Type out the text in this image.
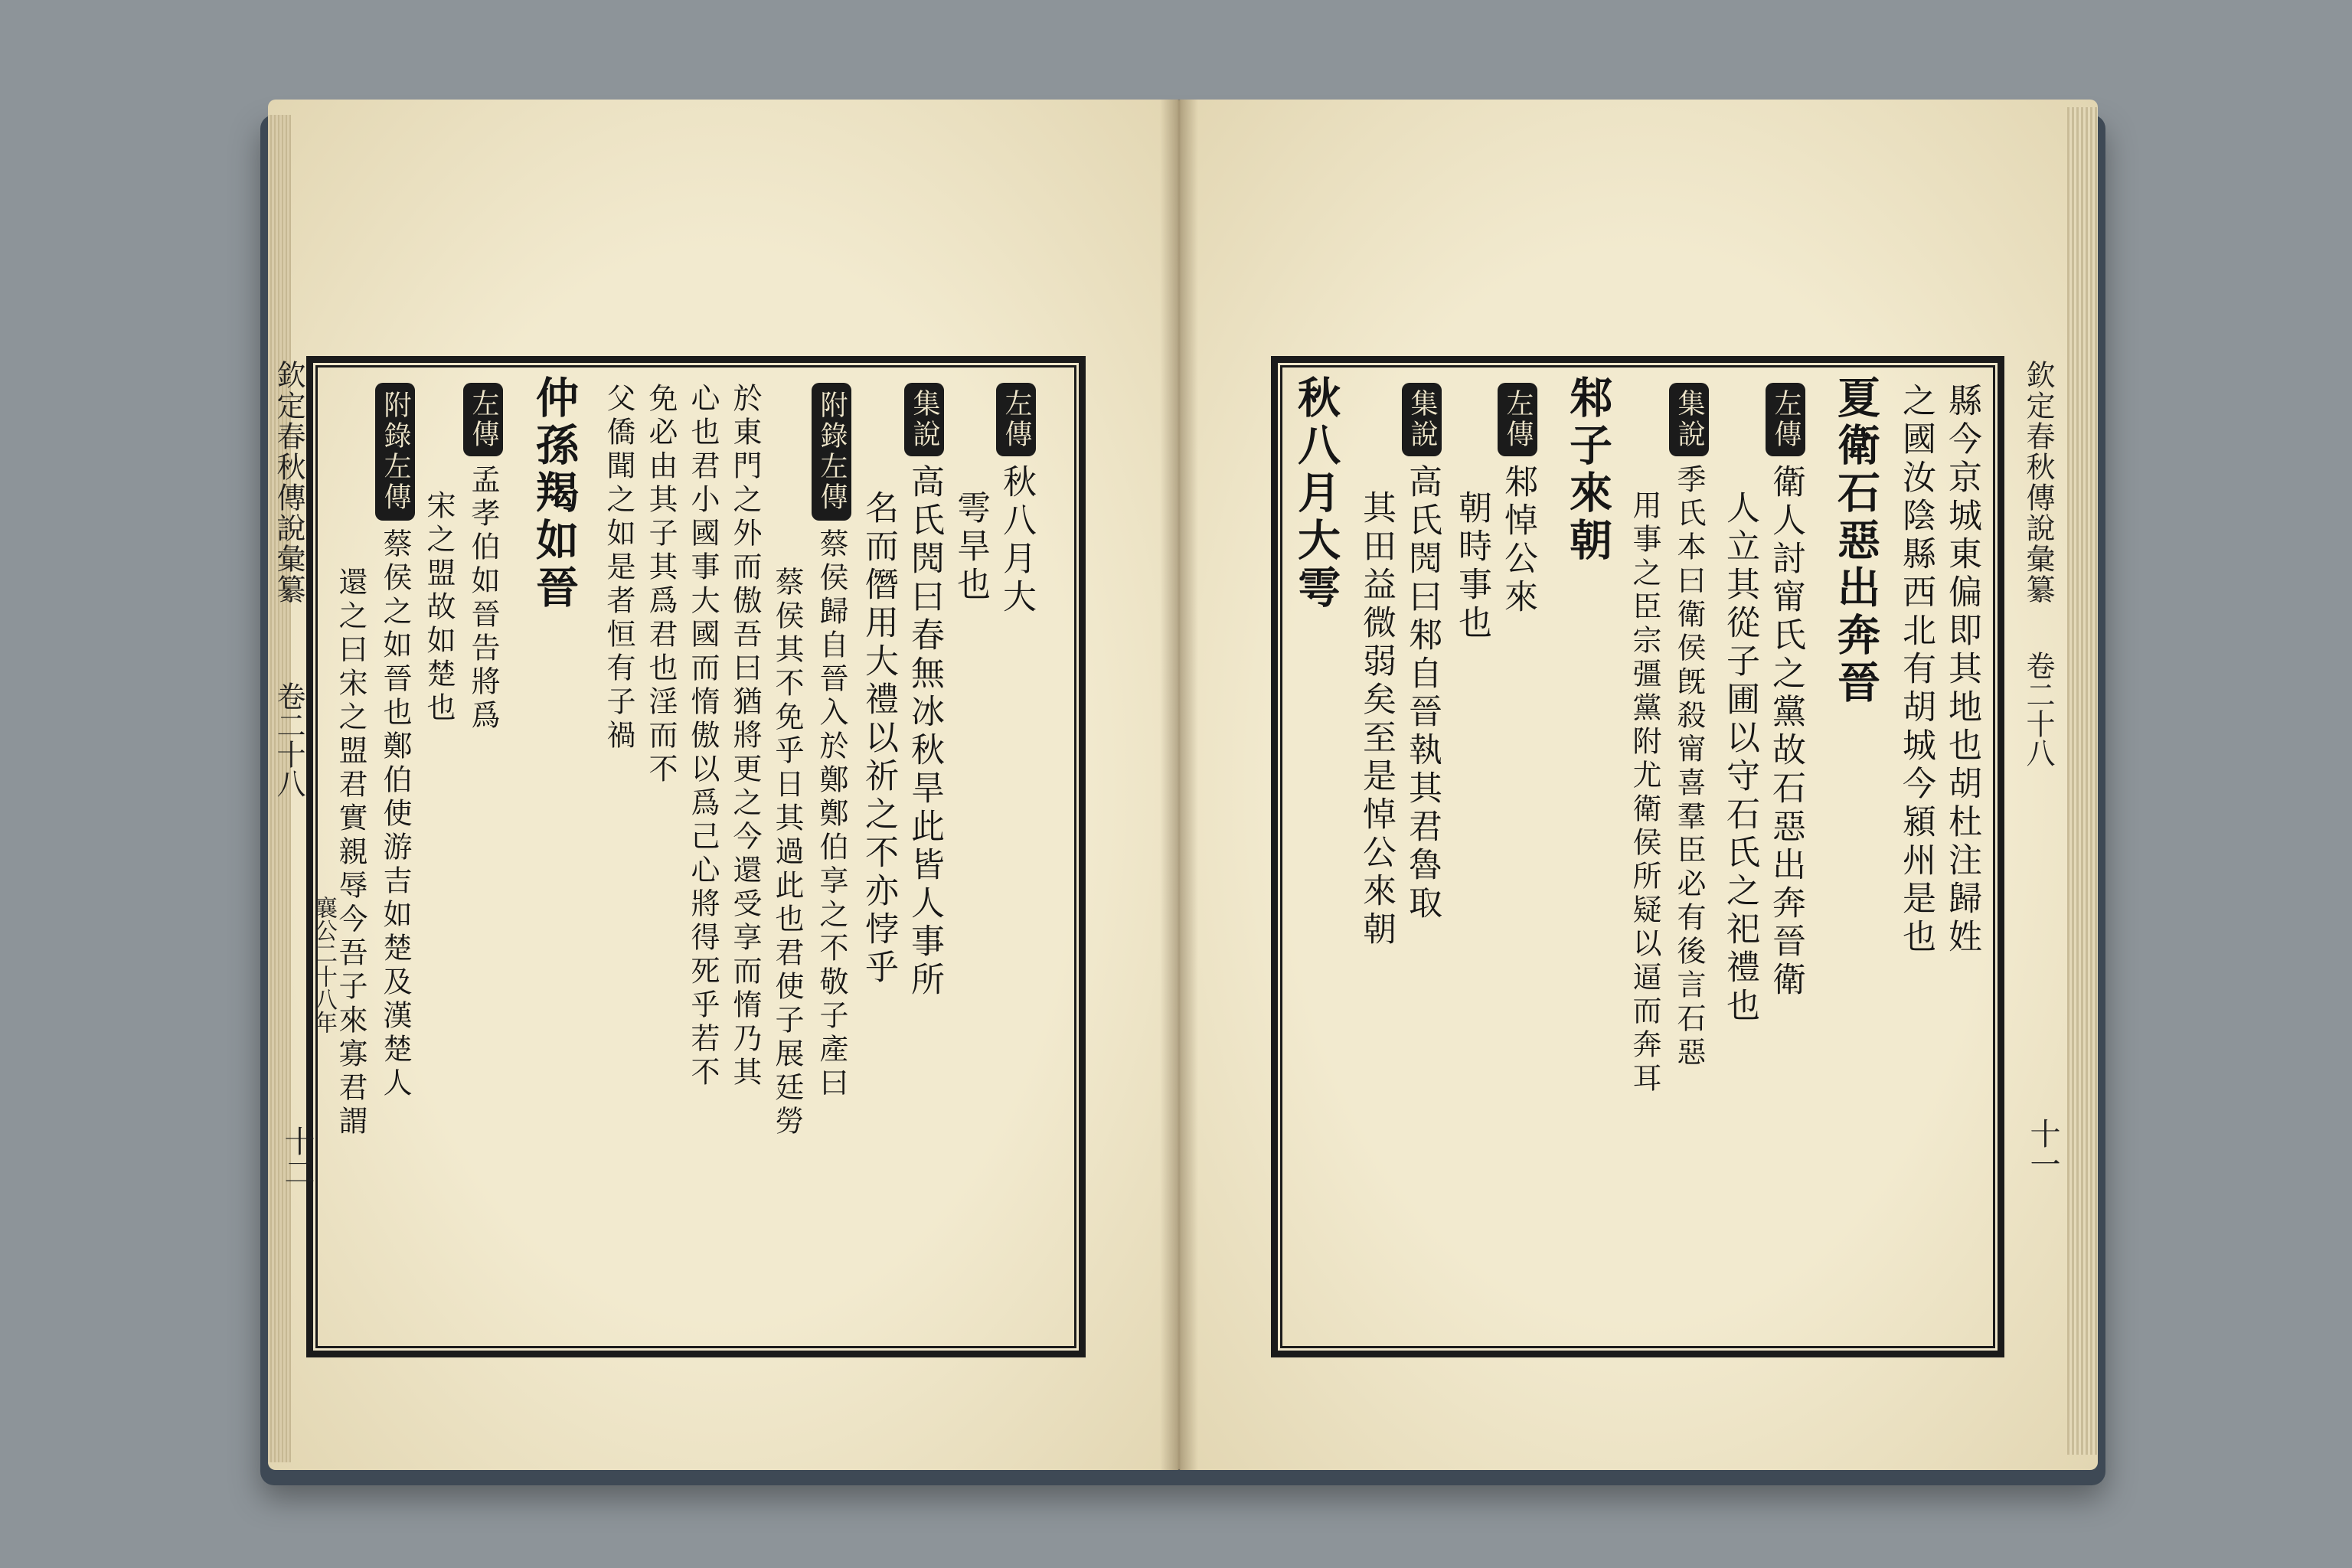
欽定春秋傳說彙纂
卷二十八
襄公二十八年
十二
欽定春秋傳說彙纂
卷二十八
十一
縣今京城東偏即其地也胡杜注歸姓
之國汝陰縣西北有胡城今潁州是也
夏衛石惡出奔晉
左傳衛人討甯氏之黨故石惡出奔晉衛
人立其從子圃以守石氏之祀禮也
集說季氏本曰衛侯旣殺甯喜羣臣必有後言石惡
用事之臣宗彊黨附尤衛侯所疑以逼而奔耳
邾子來朝
左傳邾悼公來
朝時事也
集說高氏閌曰邾自晉執其君魯取
其田益微弱矣至是悼公來朝
秋八月大雩
左傳秋八月大
雩旱也
集說高氏閌曰春無冰秋旱此皆人事所
名而僭用大禮以祈之不亦悖乎
附錄左傳蔡侯歸自晉入於鄭鄭伯享之不敬子產曰
蔡侯其不免乎日其過此也君使子展廷勞
於東門之外而傲吾曰猶將更之今還受享而惰乃其
心也君小國事大國而惰傲以爲己心將得死乎若不
免必由其子其爲君也淫而不
父僑聞之如是者恒有子禍
仲孫羯如晉
左傳孟孝伯如晉告將爲
宋之盟故如楚也
附錄左傳蔡侯之如晉也鄭伯使游吉如楚及漢楚人
還之曰宋之盟君實親辱今吾子來寡君謂
